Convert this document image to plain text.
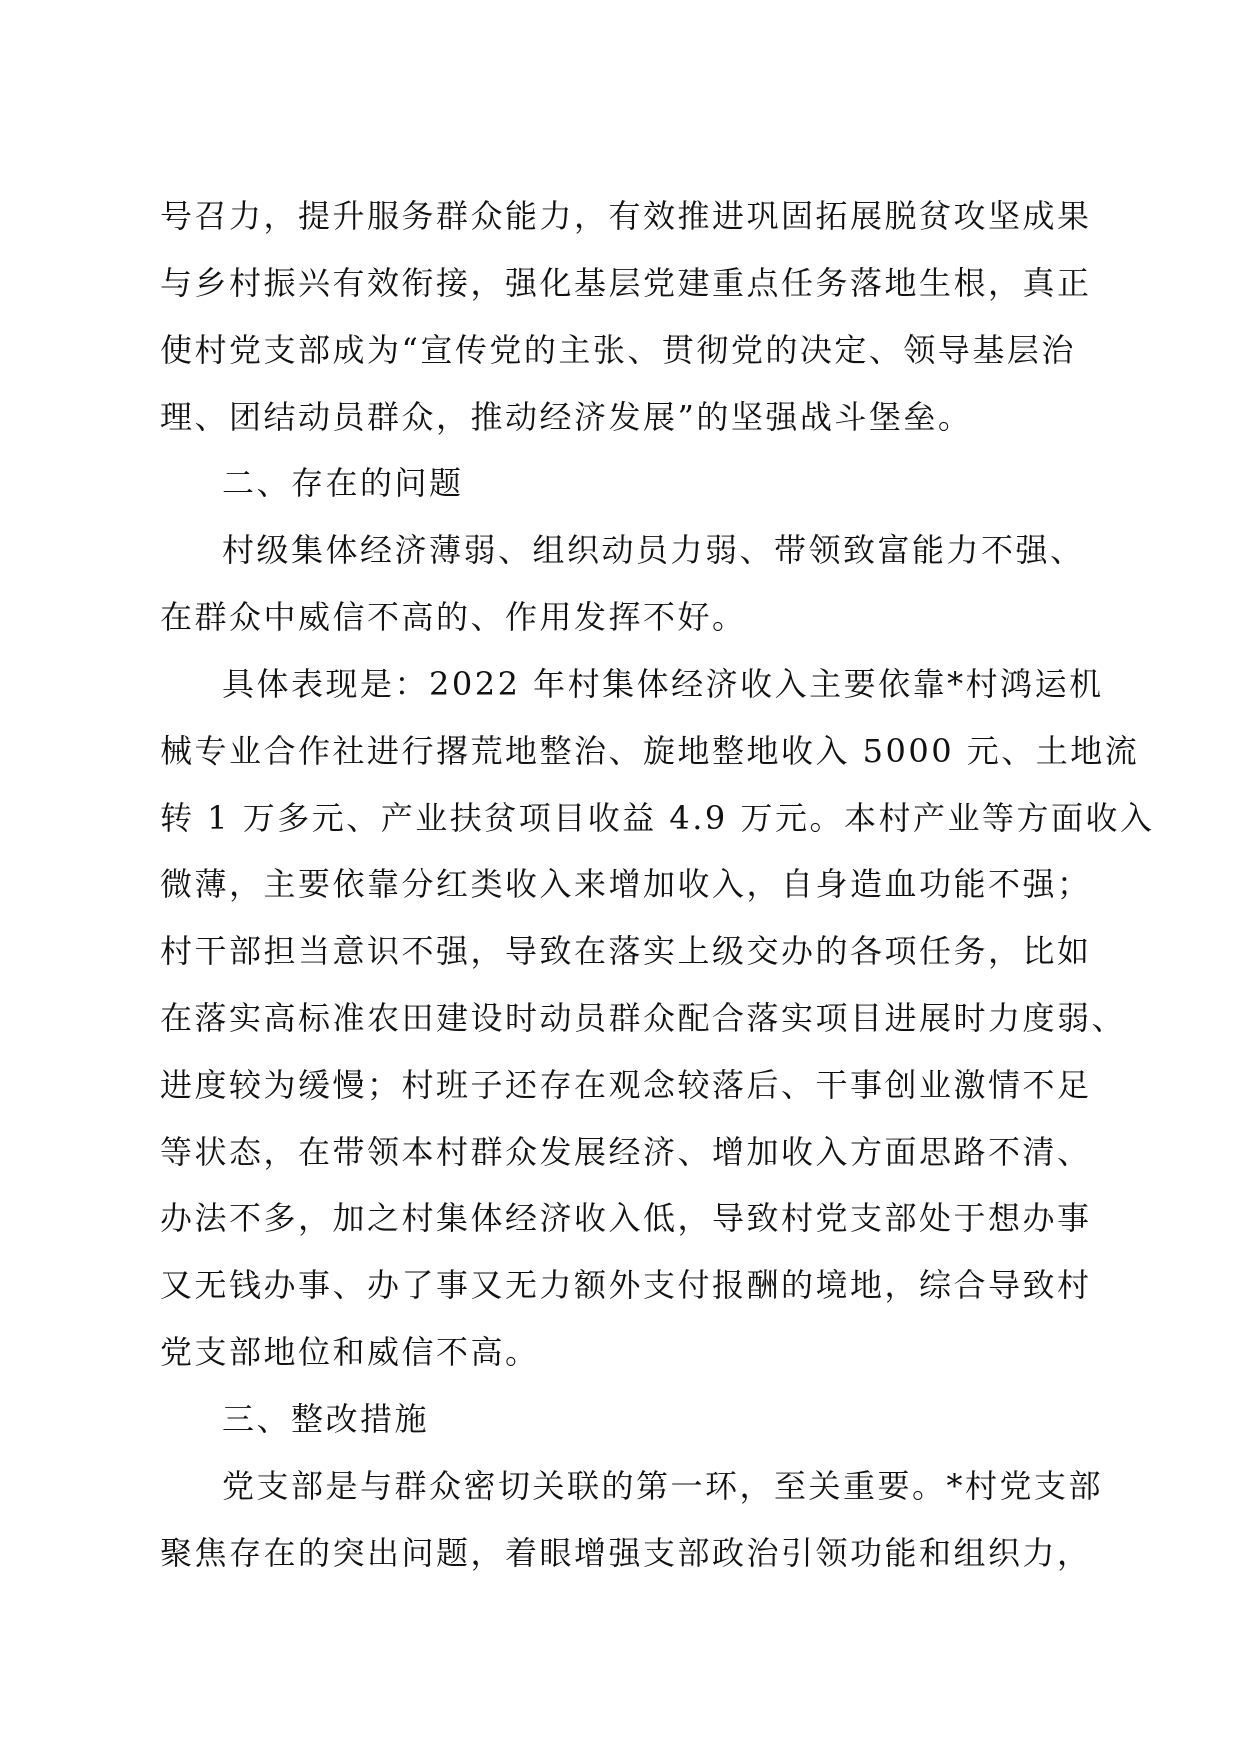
号召力，提升服务群众能力，有效推进巩固拓展脱贫攻坚成果
与乡村振兴有效衔接，强化基层党建重点任务落地生根，真正
使村党支部成为“宣传党的主张、贯彻党的决定、领导基层治
理、团结动员群众，推动经济发展”的坚强战斗堡垒。
二、存在的问题
村级集体经济薄弱、组织动员力弱、带领致富能力不强、
在群众中威信不高的、作用发挥不好。
具体表现是：2022 年村集体经济收入主要依靠*村鸿运机
械专业合作社进行撂荒地整治、旋地整地收入 5000 元、土地流
转 1 万多元、产业扶贫项目收益 4.9 万元。本村产业等方面收入
微薄，主要依靠分红类收入来增加收入，自身造血功能不强；
村干部担当意识不强，导致在落实上级交办的各项任务，比如
在落实高标准农田建设时动员群众配合落实项目进展时力度弱、
进度较为缓慢；村班子还存在观念较落后、干事创业激情不足
等状态，在带领本村群众发展经济、增加收入方面思路不清、
办法不多，加之村集体经济收入低，导致村党支部处于想办事
又无钱办事、办了事又无力额外支付报酬的境地，综合导致村
党支部地位和威信不高。
三、整改措施
党支部是与群众密切关联的第一环，至关重要。*村党支部
聚焦存在的突出问题，着眼增强支部政治引领功能和组织力，
